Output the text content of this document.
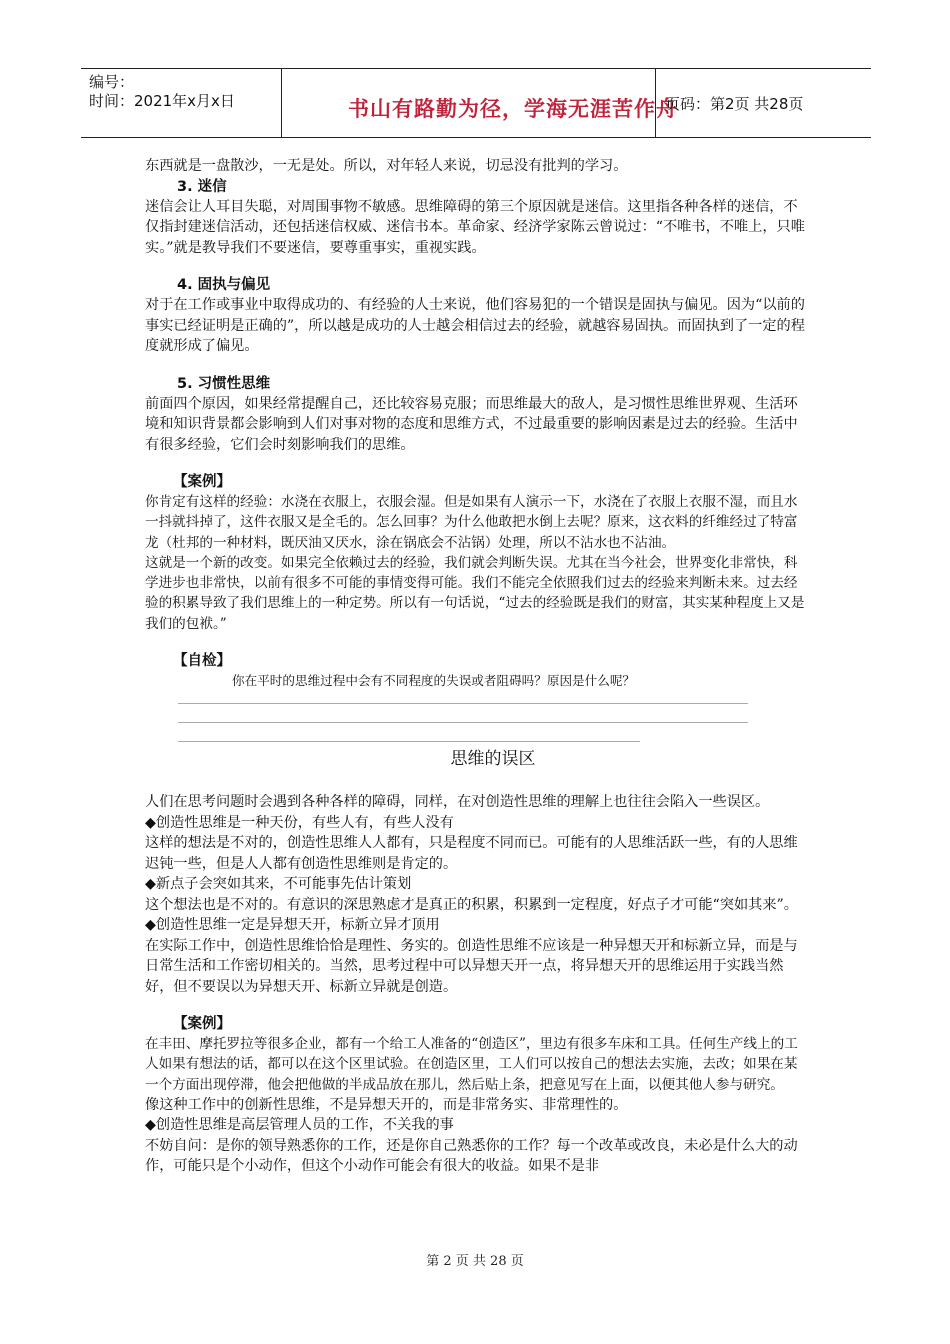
编号：
时间：2021年x月x日	书山有路勤为径，学海无涯苦作舟
页码：第2页 共28页

东西就是一盘散沙，一无是处。所以，对年轻人来说，切忌没有批判的学习。

3. 迷信

迷信会让人耳目失聪，对周围事物不敏感。思维障碍的第三个原因就是迷信。这里指各种各样的迷信，不仅指封建迷信活动，还包括迷信权威、迷信书本。革命家、经济学家陈云曾说过：“不唯书，不唯上，只唯实。”就是教导我们不要迷信，要尊重事实，重视实践。

4. 固执与偏见

对于在工作或事业中取得成功的、有经验的人士来说，他们容易犯的一个错误是固执与偏见。因为“以前的事实已经证明是正确的”，所以越是成功的人士越会相信过去的经验，就越容易固执。而固执到了一定的程度就形成了偏见。

5. 习惯性思维

前面四个原因，如果经常提醒自己，还比较容易克服；而思维最大的敌人，是习惯性思维世界观、生活环境和知识背景都会影响到人们对事对物的态度和思维方式，不过最重要的影响因素是过去的经验。生活中有很多经验，它们会时刻影响我们的思维。

【案例】

你肯定有这样的经验：水浇在衣服上，衣服会湿。但是如果有人演示一下，水浇在了衣服上衣服不湿，而且水一抖就抖掉了，这件衣服又是全毛的。怎么回事？为什么他敢把水倒上去呢？原来，这衣料的纤维经过了特富龙（杜邦的一种材料，既厌油又厌水，涂在锅底会不沾锅）处理，所以不沾水也不沾油。

这就是一个新的改变。如果完全依赖过去的经验，我们就会判断失误。尤其在当今社会，世界变化非常快，科学进步也非常快，以前有很多不可能的事情变得可能。我们不能完全依照我们过去的经验来判断未来。过去经验的积累导致了我们思维上的一种定势。所以有一句话说，“过去的经验既是我们的财富，其实某种程度上又是我们的包袱。”

【自检】

你在平时的思维过程中会有不同程度的失误或者阻碍吗？原因是什么呢？

思维的误区

人们在思考问题时会遇到各种各样的障碍，同样，在对创造性思维的理解上也往往会陷入一些误区。

◆创造性思维是一种天份，有些人有，有些人没有

这样的想法是不对的，创造性思维人人都有，只是程度不同而已。可能有的人思维活跃一些，有的人思维迟钝一些，但是人人都有创造性思维则是肯定的。

◆新点子会突如其来，不可能事先估计策划

这个想法也是不对的。有意识的深思熟虑才是真正的积累，积累到一定程度，好点子才可能“突如其来”。

◆创造性思维一定是异想天开，标新立异才顶用

在实际工作中，创造性思维恰恰是理性、务实的。创造性思维不应该是一种异想天开和标新立异，而是与日常生活和工作密切相关的。当然，思考过程中可以异想天开一点，将异想天开的思维运用于实践当然好，但不要误以为异想天开、标新立异就是创造。

【案例】

在丰田、摩托罗拉等很多企业，都有一个给工人准备的“创造区”，里边有很多车床和工具。任何生产线上的工人如果有想法的话，都可以在这个区里试验。在创造区里，工人们可以按自己的想法去实施，去改；如果在某一个方面出现停滞，他会把他做的半成品放在那儿，然后贴上条，把意见写在上面，以便其他人参与研究。

像这种工作中的创新性思维，不是异想天开的，而是非常务实、非常理性的。

◆创造性思维是高层管理人员的工作，不关我的事

不妨自问：是你的领导熟悉你的工作，还是你自己熟悉你的工作？每一个改革或改良，未必是什么大的动作，可能只是个小动作，但这个小动作可能会有很大的收益。如果不是非

第 2 页 共 28 页
